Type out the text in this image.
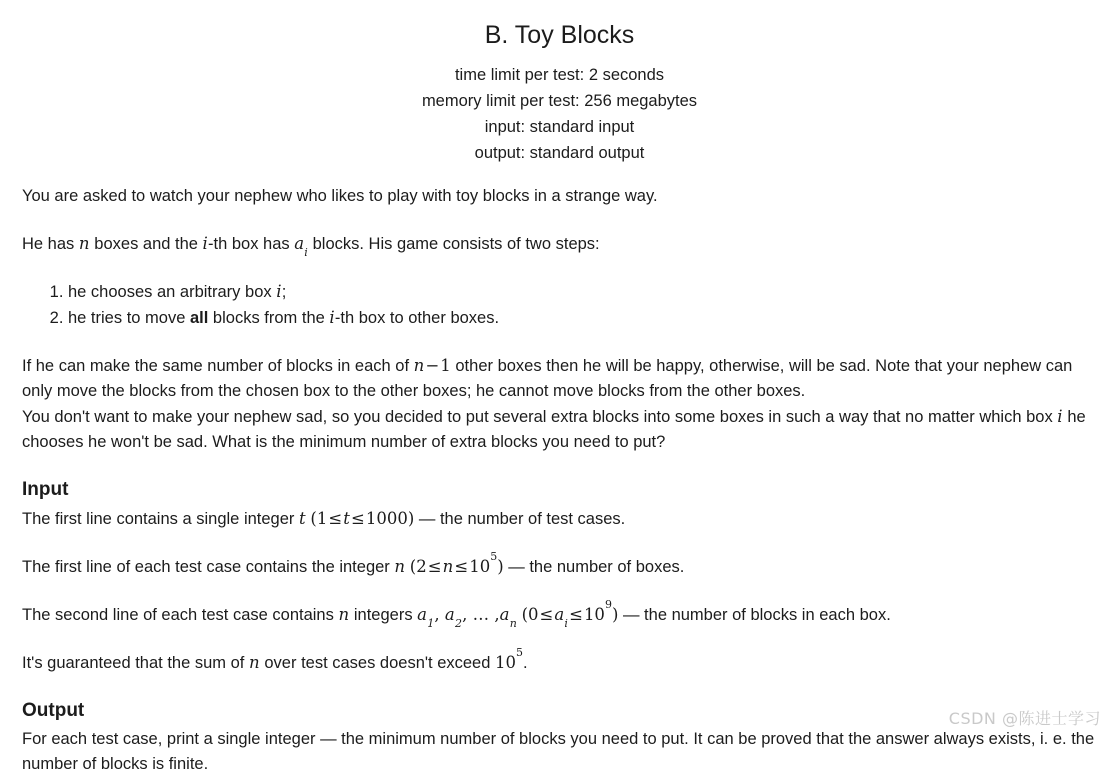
B. Toy Blocks
time limit per test: 2 seconds
memory limit per test: 256 megabytes
input: standard input
output: standard output

You are asked to watch your nephew who likes to play with toy blocks in a strange way.

He has n boxes and the i-th box has $a_i$ blocks. His game consists of two steps:

1. he chooses an arbitrary box i;
2. he tries to move all blocks from the i-th box to other boxes.

If he can make the same number of blocks in each of n−1 other boxes then he will be happy, otherwise, will be sad. Note that your nephew can only move the blocks from the chosen box to the other boxes; he cannot move blocks from the other boxes.

You don't want to make your nephew sad, so you decided to put several extra blocks into some boxes in such a way that no matter which box i he chooses he won't be sad. What is the minimum number of extra blocks you need to put?

Input

The first line contains a single integer t (1≤t≤1000) — the number of test cases.

The first line of each test case contains the integer n $(2\le n\le 10^5)$ — the number of boxes.

The second line of each test case contains n integers $a_1$, $a_2$, … $,a_n$ $(0\le a_i\le 10^9)$ — the number of blocks in each box.

It's guaranteed that the sum of n over test cases doesn't exceed $10^5$.

Output

For each test case, print a single integer — the minimum number of blocks you need to put. It can be proved that the answer always exists, i. e. the number of blocks is finite.

CSDN @陈进士学习
